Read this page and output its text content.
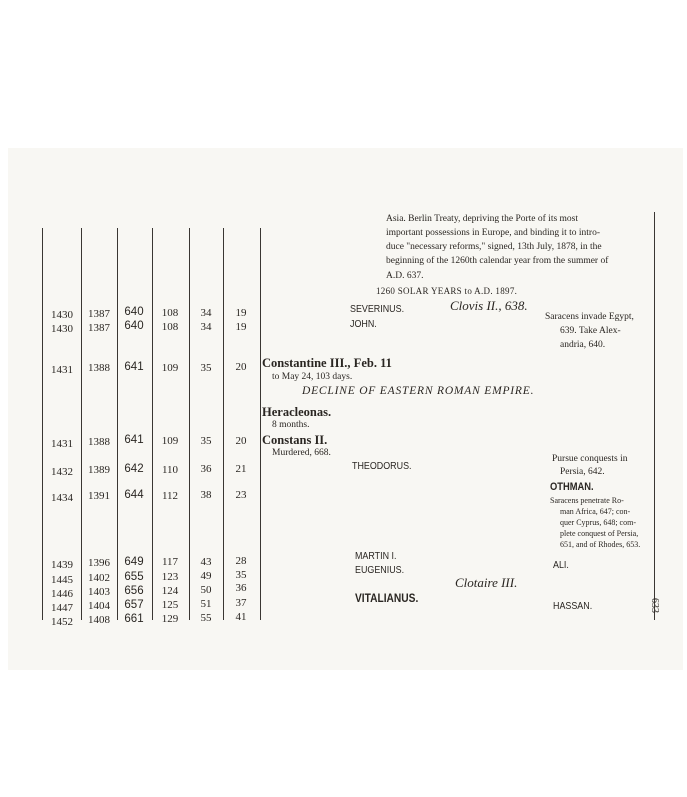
1430	1387	640	108	34	19
1430	1387	640	108	34	19
1431	1388	641	109	35	20
1431	1388	641	109	35	20
1432	1389	642	110	36	21
1434	1391	644	112	38	23
1439	1396	649	117	43	28
1445	1402	655	123	49	35
1446	1403	656	124	50	36
1447	1404	657	125	51	37
1452	1408	661	129	55	41
Asia. Berlin Treaty, depriving the Porte of its most
important possessions in Europe, and binding it to intro-
duce "necessary reforms," signed, 13th July, 1878, in the
beginning of the 1260th calendar year from the summer of
A.D. 637.
1260 SOLAR YEARS to A.D. 1897.
Clovis II., 638.
Saracens invade Egypt,
639. Take Alex-
andria, 640.
SEVERINUS.
JOHN.
Constantine III., Feb. 11
to May 24, 103 days.
DECLINE OF EASTERN ROMAN EMPIRE.
Heracleonas.
8 months.
Constans II.
Murdered, 668.
THEODORUS.
Pursue conquests in
Persia, 642.
OTHMAN.
Saracens penetrate Ro-
man Africa, 647; con-
quer Cyprus, 648; com-
plete conquest of Persia,
651, and of Rhodes, 653.
MARTIN I.
EUGENIUS.	ALI.
Clotaire III.
VITALIANUS.
HASSAN.	633
